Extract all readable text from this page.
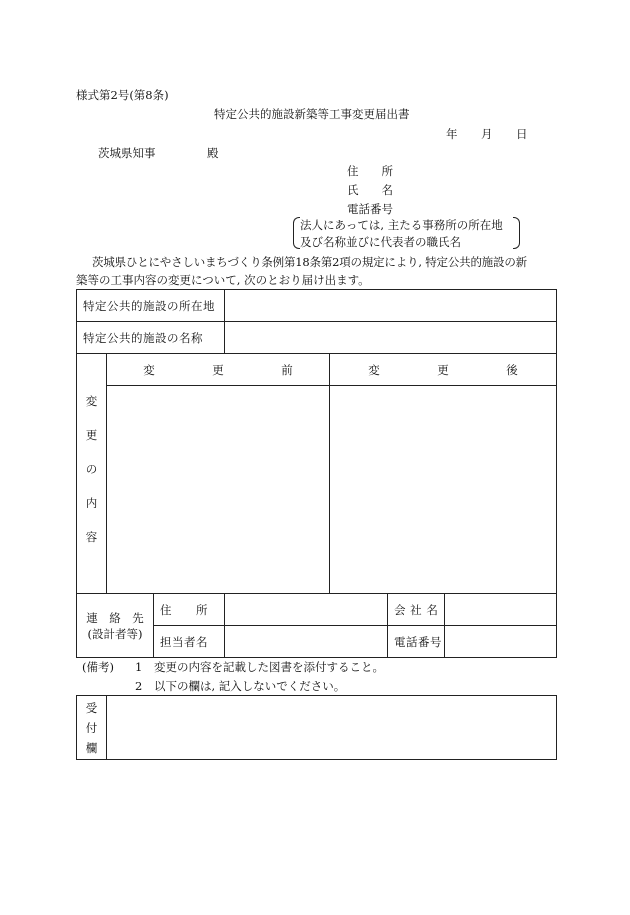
様式第2号(第8条)
特定公共的施設新築等工事変更届出書
年 月 日
茨城県知事	殿
住　　所
氏　　名
電話番号
法人にあっては, 主たる事務所の所在地
及び名称並びに代表者の職氏名
茨城県ひとにやさしいまちづくり条例第18条第2項の規定により, 特定公共的施設の新
築等の工事内容の変更について, 次のとおり届け出ます。
特定公共的施設の所在地						
特定公共的施設の名称						

変
更
の
内
容	変　　　　　更　　　　　前			変　　　　　更　　　　　後		

連　絡　先
(設計者等)		住　　所			会 社 名	
		担当者名			電話番号	
(備考) 1 変更の内容を記載した図書を添付すること。
2 以下の欄は, 記入しないでください。
受
付
欄
